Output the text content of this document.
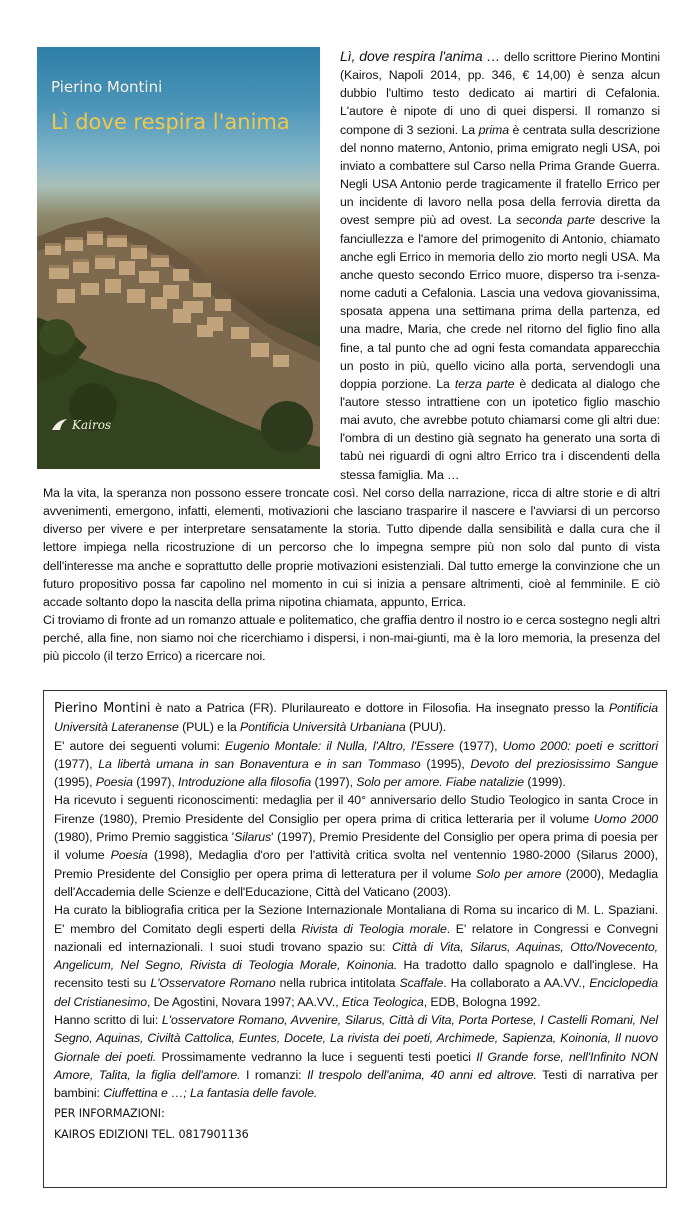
Pierino Montini
Lì dove respira l'anima
Kairos
Lì, dove respira l'anima … dello scrittore Pierino Montini (Kairos, Napoli 2014, pp. 346, € 14,00) è senza alcun dubbio l'ultimo testo dedicato ai martiri di Cefalonia. L'autore è nipote di uno di quei dispersi. Il romanzo si compone di 3 sezioni. La prima è centrata sulla descrizione del nonno materno, Antonio, prima emigrato negli USA, poi inviato a combattere sul Carso nella Prima Grande Guerra. Negli USA Antonio perde tragicamente il fratello Errico per un incidente di lavoro nella posa della ferrovia diretta da ovest sempre più ad ovest. La seconda parte descrive la fanciullezza e l'amore del primogenito di Antonio, chiamato anche egli Errico in memoria dello zio morto negli USA. Ma anche questo secondo Errico muore, disperso tra i-senza-nome caduti a Cefalonia. Lascia una vedova giovanissima, sposata appena una settimana prima della partenza, ed una madre, Maria, che crede nel ritorno del figlio fino alla fine, a tal punto che ad ogni festa comandata apparecchia un posto in più, quello vicino alla porta, servendogli una doppia porzione. La terza parte è dedicata al dialogo che l'autore stesso intrattiene con un ipotetico figlio maschio mai avuto, che avrebbe potuto chiamarsi come gli altri due: l'ombra di un destino già segnato ha generato una sorta di tabù nei riguardi di ogni altro Errico tra i discendenti della stessa famiglia. Ma …

Ma la vita, la speranza non possono essere troncate così. Nel corso della narrazione, ricca di altre storie e di altri avvenimenti, emergono, infatti, elementi, motivazioni che lasciano trasparire il nascere e l'avviarsi di un percorso diverso per vivere e per interpretare sensatamente la storia. Tutto dipende dalla sensibilità e dalla cura che il lettore impiega nella ricostruzione di un percorso che lo impegna sempre più non solo dal punto di vista dell'interesse ma anche e soprattutto delle proprie motivazioni esistenziali. Dal tutto emerge la convinzione che un futuro propositivo possa far capolino nel momento in cui si inizia a pensare altrimenti, cioè al femminile. E ciò accade soltanto dopo la nascita della prima nipotina chiamata, appunto, Errica.

Ci troviamo di fronte ad un romanzo attuale e politematico, che graffia dentro il nostro io e cerca sostegno negli altri perché, alla fine, non siamo noi che ricerchiamo i dispersi, i non-mai-giunti, ma è la loro memoria, la presenza del più piccolo (il terzo Errico) a ricercare noi.

Pierino Montini è nato a Patrica (FR). Plurilaureato e dottore in Filosofia. Ha insegnato presso la Pontificia Università Lateranense (PUL) e la Pontificia Università Urbaniana (PUU).

E' autore dei seguenti volumi: Eugenio Montale: il Nulla, l'Altro, l'Essere (1977), Uomo 2000: poeti e scrittori (1977), La libertà umana in san Bonaventura e in san Tommaso (1995), Devoto del preziosissimo Sangue (1995), Poesia (1997), Introduzione alla filosofia (1997), Solo per amore. Fiabe natalizie (1999).

Ha ricevuto i seguenti riconoscimenti: medaglia per il 40° anniversario dello Studio Teologico in santa Croce in Firenze (1980), Premio Presidente del Consiglio per opera prima di critica letteraria per il volume Uomo 2000 (1980), Primo Premio saggistica 'Silarus' (1997), Premio Presidente del Consiglio per opera prima di poesia per il volume Poesia (1998), Medaglia d'oro per l'attività critica svolta nel ventennio 1980-2000 (Silarus 2000), Premio Presidente del Consiglio per opera prima di letteratura per il volume Solo per amore (2000), Medaglia dell'Accademia delle Scienze e dell'Educazione, Città del Vaticano (2003).

Ha curato la bibliografia critica per la Sezione Internazionale Montaliana di Roma su incarico di M. L. Spaziani. E' membro del Comitato degli esperti della Rivista di Teologia morale. E' relatore in Congressi e Convegni nazionali ed internazionali. I suoi studi trovano spazio su: Città di Vita, Silarus, Aquinas, Otto/Novecento, Angelicum, Nel Segno, Rivista di Teologia Morale, Koinonia. Ha tradotto dallo spagnolo e dall'inglese. Ha recensito testi su L'Osservatore Romano nella rubrica intitolata Scaffale. Ha collaborato a AA.VV., Enciclopedia del Cristianesimo, De Agostini, Novara 1997; AA.VV., Etica Teologica, EDB, Bologna 1992.

Hanno scritto di lui: L'osservatore Romano, Avvenire, Silarus, Città di Vita, Porta Portese, I Castelli Romani, Nel Segno, Aquinas, Civiltà Cattolica, Euntes, Docete, La rivista dei poeti, Archimede, Sapienza, Koinonia, Il nuovo Giornale dei poeti. Prossimamente vedranno la luce i seguenti testi poetici Il Grande forse, nell'Infinito NON Amore, Talita, la figlia dell'amore. I romanzi: Il trespolo dell'anima, 40 anni ed altrove. Testi di narrativa per bambini: Ciuffettina e …; La fantasia delle favole.

PER INFORMAZIONI:

KAIROS EDIZIONI TEL. 0817901136
